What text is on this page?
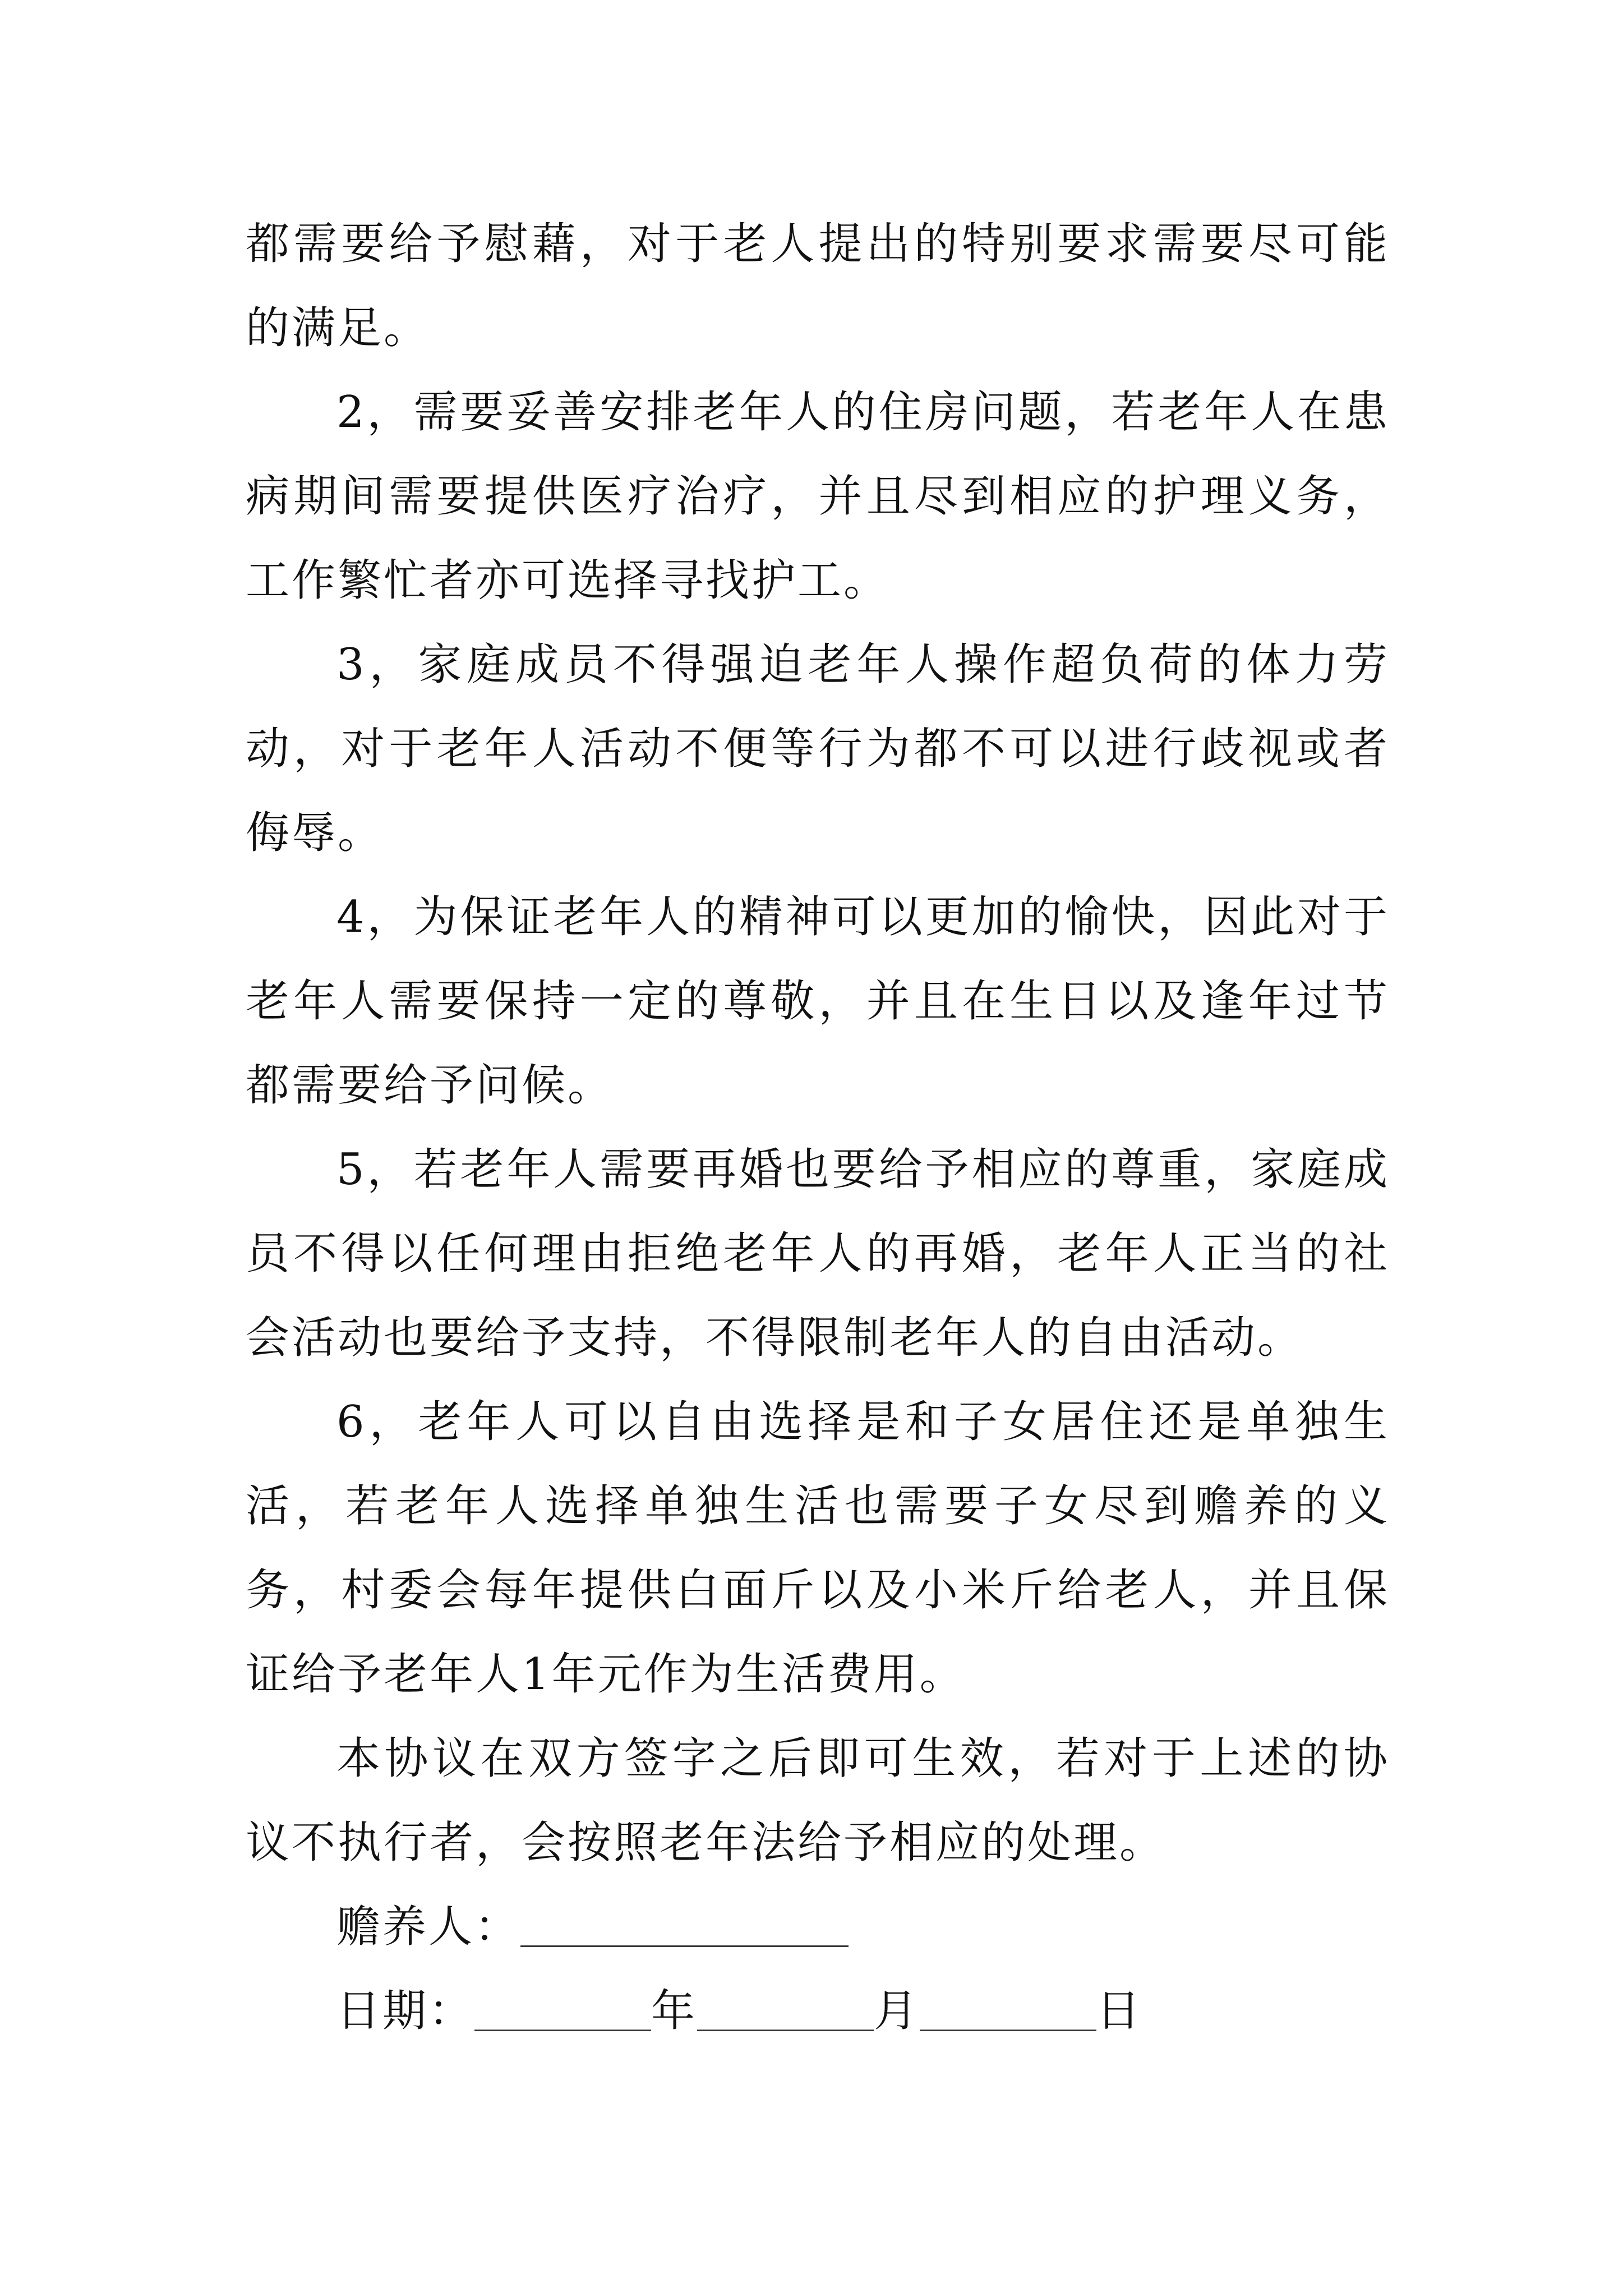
都需要给予慰藉，对于老人提出的特别要求需要尽可能的满足。

2，需要妥善安排老年人的住房问题，若老年人在患病期间需要提供医疗治疗，并且尽到相应的护理义务，工作繁忙者亦可选择寻找护工。

3，家庭成员不得强迫老年人操作超负荷的体力劳动，对于老年人活动不便等行为都不可以进行歧视或者侮辱。

4，为保证老年人的精神可以更加的愉快，因此对于老年人需要保持一定的尊敬，并且在生日以及逢年过节都需要给予问候。

5，若老年人需要再婚也要给予相应的尊重，家庭成员不得以任何理由拒绝老年人的再婚，老年人正当的社会活动也要给予支持，不得限制老年人的自由活动。

6，老年人可以自由选择是和子女居住还是单独生活，若老年人选择单独生活也需要子女尽到赡养的义务，村委会每年提供白面斤以及小米斤给老人，并且保证给予老年人1年元作为生活费用。

本协议在双方签字之后即可生效，若对于上述的协议不执行者，会按照老年法给予相应的处理。

赡养人：

日期：	年	月	日
